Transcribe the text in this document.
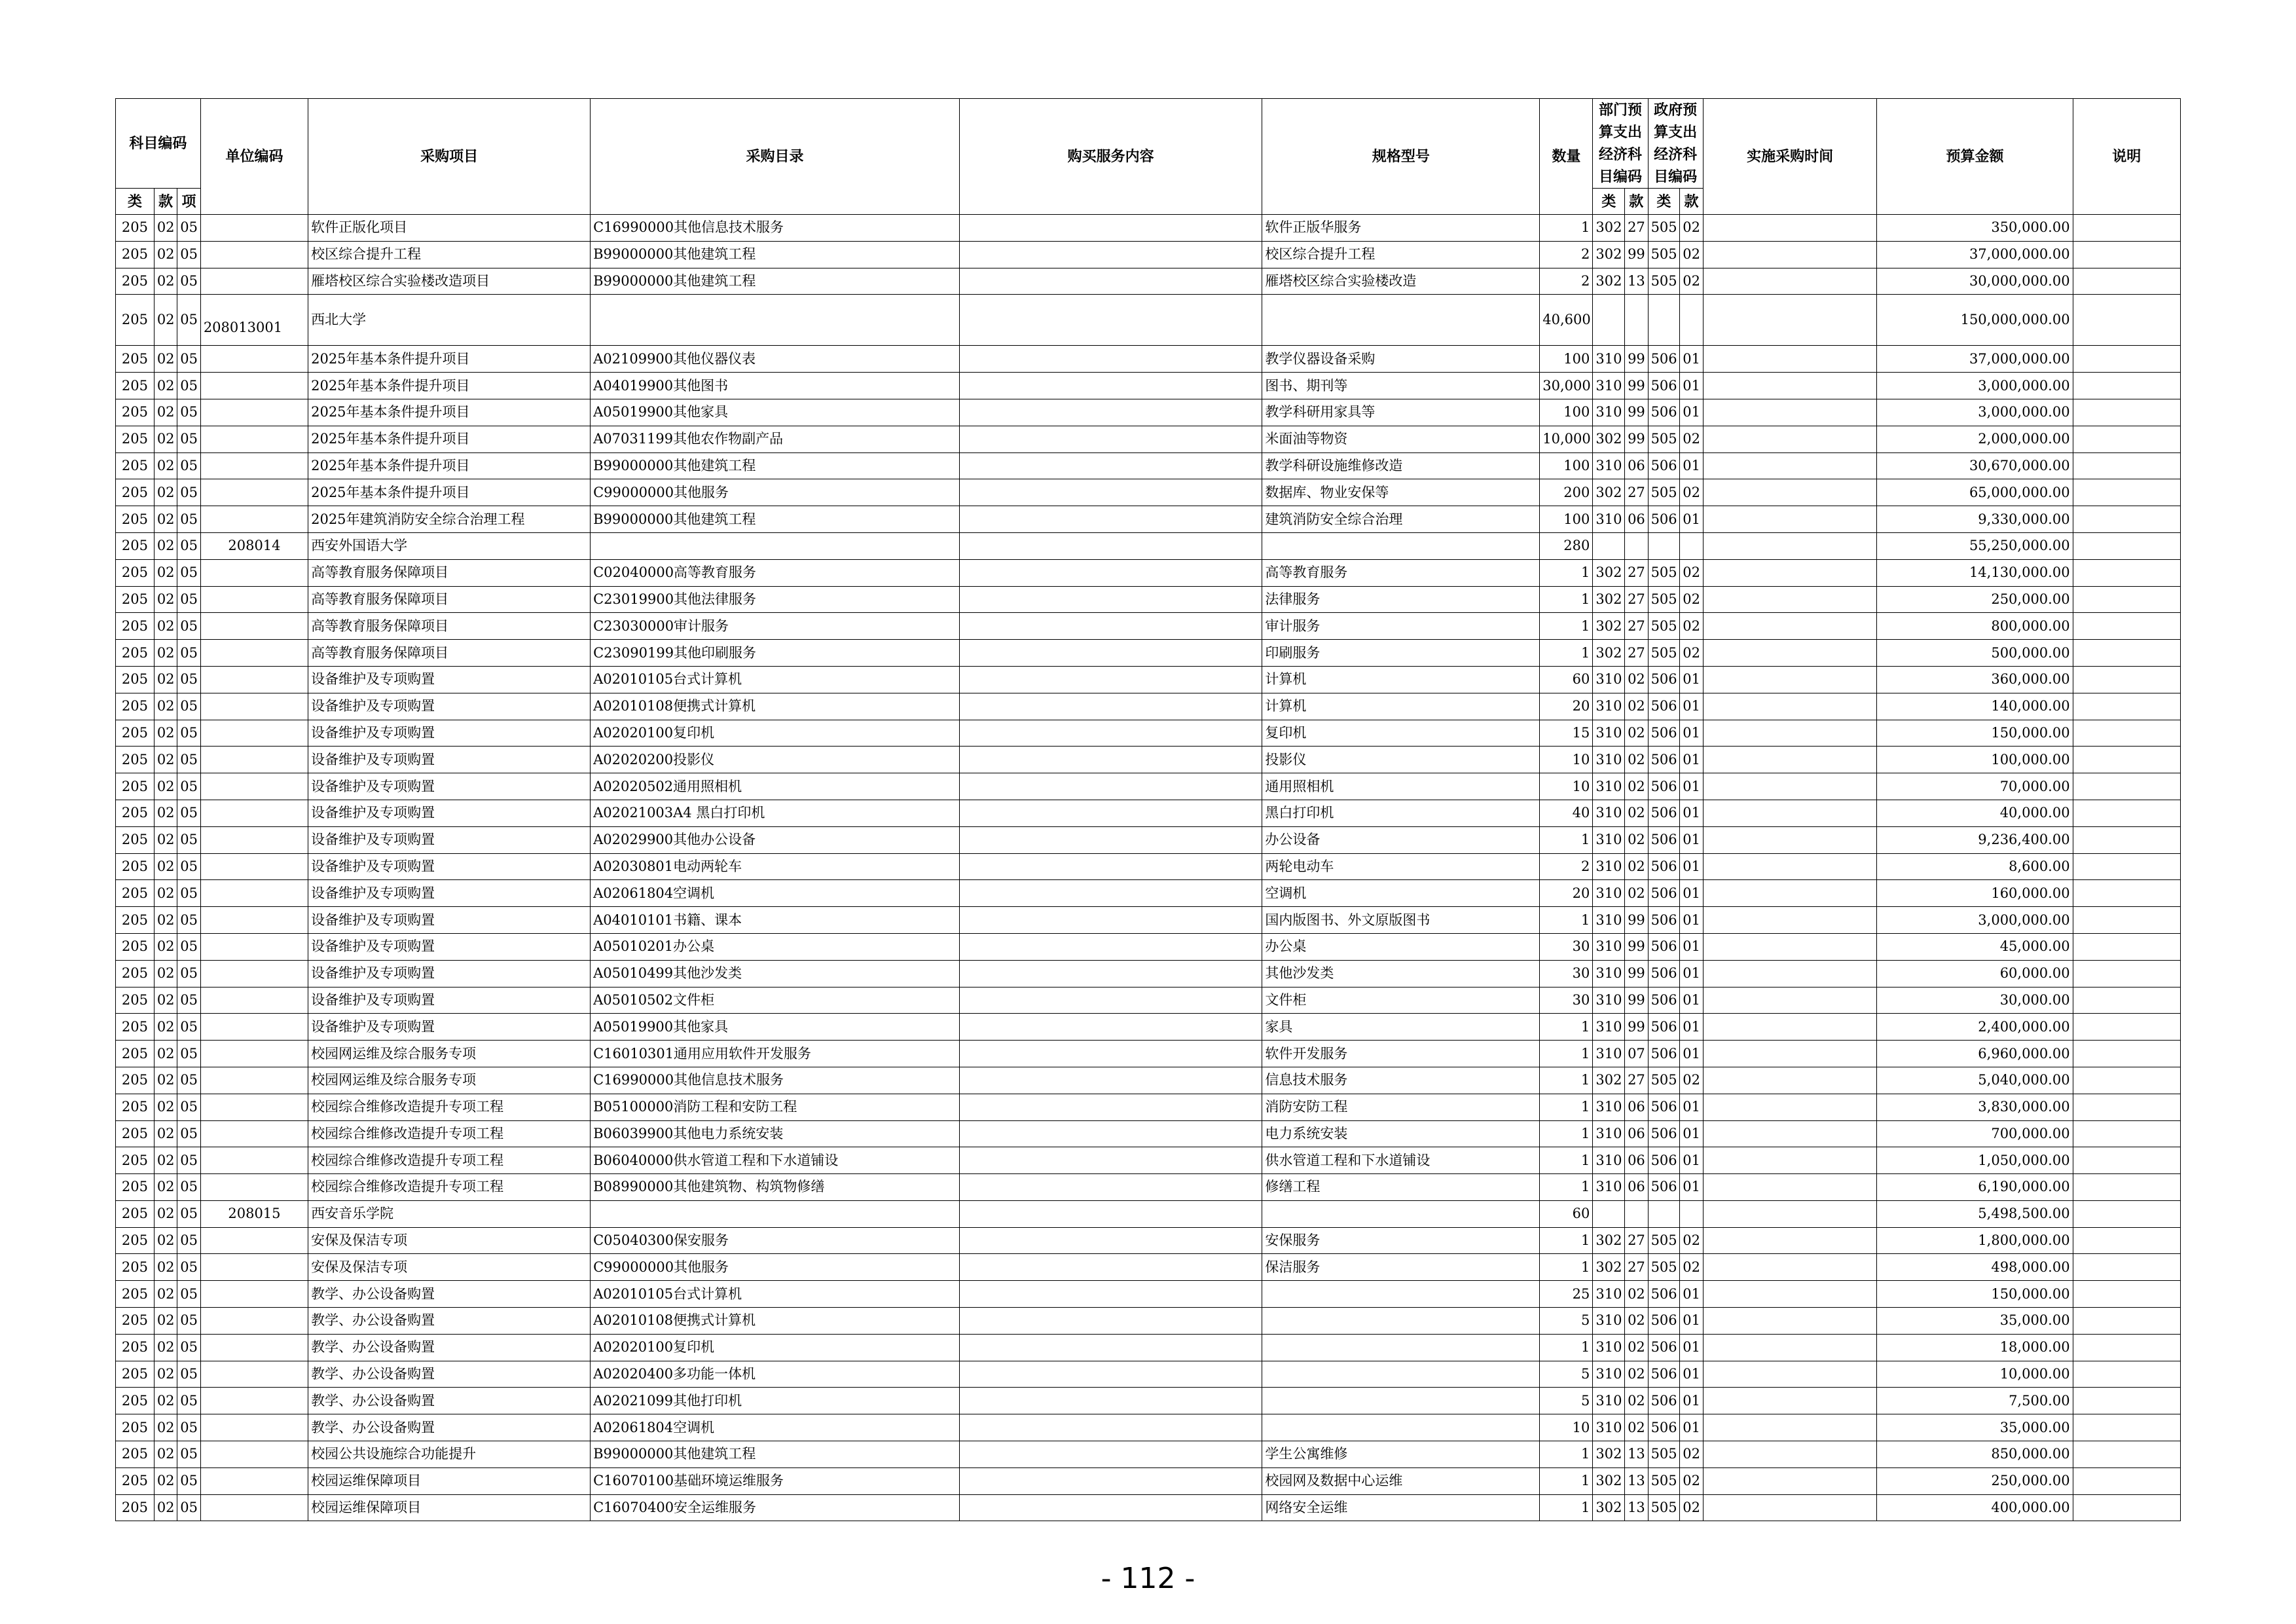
科目编码			单位编码	采购项目	采购目录	购买服务内容	规格型号	数量	部门预算支出经济科目编码		政府预算支出经济科目编码		实施采购时间	预算金额	说明
类	款	项							类	款	类	款			
205	02	05		软件正版化项目	C16990000其他信息技术服务		软件正版华服务	1	302	27	505	02		350,000.00	
205	02	05		校区综合提升工程	B99000000其他建筑工程		校区综合提升工程	2	302	99	505	02		37,000,000.00	
205	02	05		雁塔校区综合实验楼改造项目	B99000000其他建筑工程		雁塔校区综合实验楼改造	2	302	13	505	02		30,000,000.00	
205	02	05	208013001	西北大学				40,600						150,000,000.00	
205	02	05		2025年基本条件提升项目	A02109900其他仪器仪表		教学仪器设备采购	100	310	99	506	01		37,000,000.00	
205	02	05		2025年基本条件提升项目	A04019900其他图书		图书、期刊等	30,000	310	99	506	01		3,000,000.00	
205	02	05		2025年基本条件提升项目	A05019900其他家具		教学科研用家具等	100	310	99	506	01		3,000,000.00	
205	02	05		2025年基本条件提升项目	A07031199其他农作物副产品		米面油等物资	10,000	302	99	505	02		2,000,000.00	
205	02	05		2025年基本条件提升项目	B99000000其他建筑工程		教学科研设施维修改造	100	310	06	506	01		30,670,000.00	
205	02	05		2025年基本条件提升项目	C99000000其他服务		数据库、物业安保等	200	302	27	505	02		65,000,000.00	
205	02	05		2025年建筑消防安全综合治理工程	B99000000其他建筑工程		建筑消防安全综合治理	100	310	06	506	01		9,330,000.00	
205	02	05	208014	西安外国语大学				280						55,250,000.00	
205	02	05		高等教育服务保障项目	C02040000高等教育服务		高等教育服务	1	302	27	505	02		14,130,000.00	
205	02	05		高等教育服务保障项目	C23019900其他法律服务		法律服务	1	302	27	505	02		250,000.00	
205	02	05		高等教育服务保障项目	C23030000审计服务		审计服务	1	302	27	505	02		800,000.00	
205	02	05		高等教育服务保障项目	C23090199其他印刷服务		印刷服务	1	302	27	505	02		500,000.00	
205	02	05		设备维护及专项购置	A02010105台式计算机		计算机	60	310	02	506	01		360,000.00	
205	02	05		设备维护及专项购置	A02010108便携式计算机		计算机	20	310	02	506	01		140,000.00	
205	02	05		设备维护及专项购置	A02020100复印机		复印机	15	310	02	506	01		150,000.00	
205	02	05		设备维护及专项购置	A02020200投影仪		投影仪	10	310	02	506	01		100,000.00	
205	02	05		设备维护及专项购置	A02020502通用照相机		通用照相机	10	310	02	506	01		70,000.00	
205	02	05		设备维护及专项购置	A02021003A4 黑白打印机		黑白打印机	40	310	02	506	01		40,000.00	
205	02	05		设备维护及专项购置	A02029900其他办公设备		办公设备	1	310	02	506	01		9,236,400.00	
205	02	05		设备维护及专项购置	A02030801电动两轮车		两轮电动车	2	310	02	506	01		8,600.00	
205	02	05		设备维护及专项购置	A02061804空调机		空调机	20	310	02	506	01		160,000.00	
205	02	05		设备维护及专项购置	A04010101书籍、课本		国内版图书、外文原版图书	1	310	99	506	01		3,000,000.00	
205	02	05		设备维护及专项购置	A05010201办公桌		办公桌	30	310	99	506	01		45,000.00	
205	02	05		设备维护及专项购置	A05010499其他沙发类		其他沙发类	30	310	99	506	01		60,000.00	
205	02	05		设备维护及专项购置	A05010502文件柜		文件柜	30	310	99	506	01		30,000.00	
205	02	05		设备维护及专项购置	A05019900其他家具		家具	1	310	99	506	01		2,400,000.00	
205	02	05		校园网运维及综合服务专项	C16010301通用应用软件开发服务		软件开发服务	1	310	07	506	01		6,960,000.00	
205	02	05		校园网运维及综合服务专项	C16990000其他信息技术服务		信息技术服务	1	302	27	505	02		5,040,000.00	
205	02	05		校园综合维修改造提升专项工程	B05100000消防工程和安防工程		消防安防工程	1	310	06	506	01		3,830,000.00	
205	02	05		校园综合维修改造提升专项工程	B06039900其他电力系统安装		电力系统安装	1	310	06	506	01		700,000.00	
205	02	05		校园综合维修改造提升专项工程	B06040000供水管道工程和下水道铺设		供水管道工程和下水道铺设	1	310	06	506	01		1,050,000.00	
205	02	05		校园综合维修改造提升专项工程	B08990000其他建筑物、构筑物修缮		修缮工程	1	310	06	506	01		6,190,000.00	
205	02	05	208015	西安音乐学院				60						5,498,500.00	
205	02	05		安保及保洁专项	C05040300保安服务		安保服务	1	302	27	505	02		1,800,000.00	
205	02	05		安保及保洁专项	C99000000其他服务		保洁服务	1	302	27	505	02		498,000.00	
205	02	05		教学、办公设备购置	A02010105台式计算机			25	310	02	506	01		150,000.00	
205	02	05		教学、办公设备购置	A02010108便携式计算机			5	310	02	506	01		35,000.00	
205	02	05		教学、办公设备购置	A02020100复印机			1	310	02	506	01		18,000.00	
205	02	05		教学、办公设备购置	A02020400多功能一体机			5	310	02	506	01		10,000.00	
205	02	05		教学、办公设备购置	A02021099其他打印机			5	310	02	506	01		7,500.00	
205	02	05		教学、办公设备购置	A02061804空调机			10	310	02	506	01		35,000.00	
205	02	05		校园公共设施综合功能提升	B99000000其他建筑工程		学生公寓维修	1	302	13	505	02		850,000.00	
205	02	05		校园运维保障项目	C16070100基础环境运维服务		校园网及数据中心运维	1	302	13	505	02		250,000.00	
205	02	05		校园运维保障项目	C16070400安全运维服务		网络安全运维	1	302	13	505	02		400,000.00	
- 112 -
